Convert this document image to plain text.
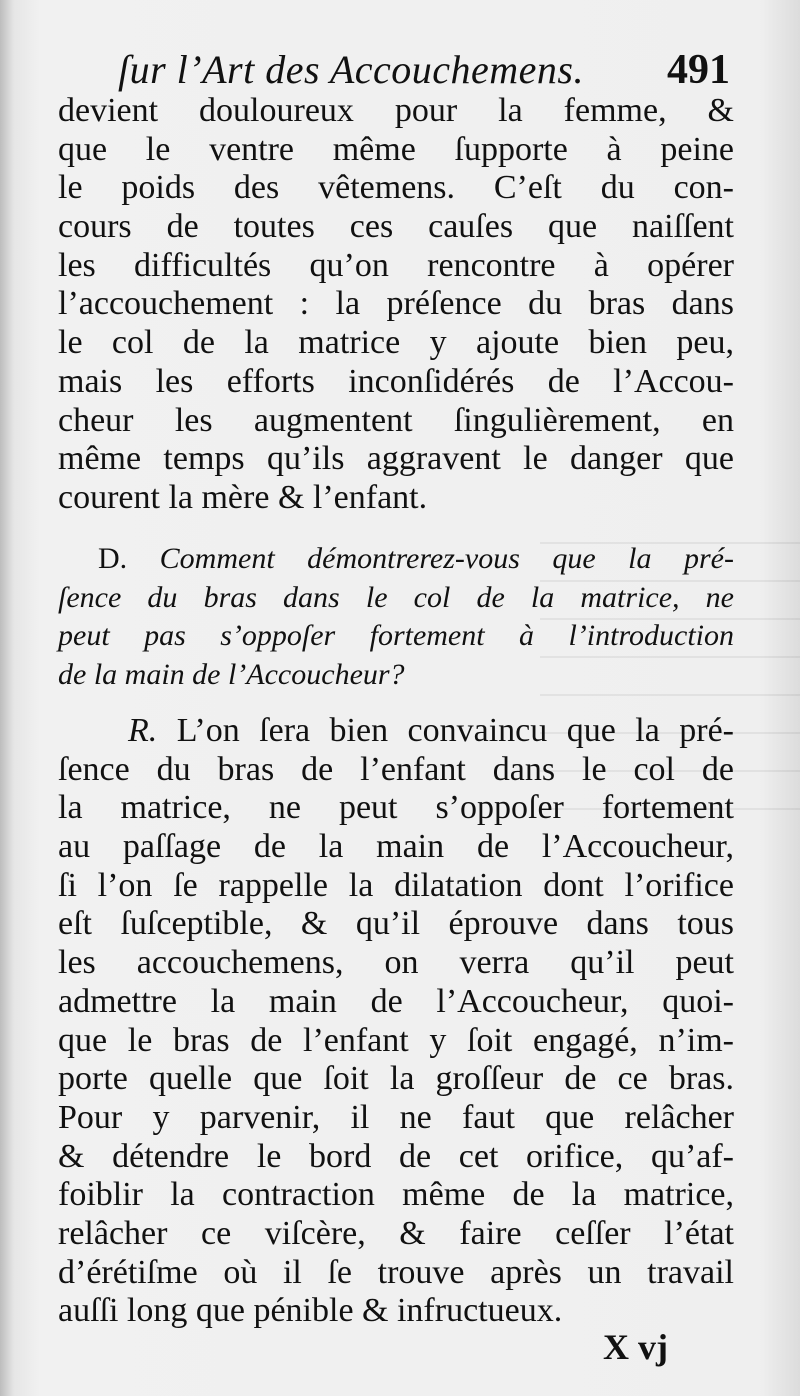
ſur l’Art des Accouchemens. 491
devient douloureux pour la femme, &
que le ventre même ſupporte à peine
le poids des vêtemens. C’eſt du con-
cours de toutes ces cauſes que naiſſent
les difficultés qu’on rencontre à opérer
l’accouchement : la préſence du bras dans
le col de la matrice y ajoute bien peu,
mais les efforts inconſidérés de l’Accou-
cheur les augmentent ſingulièrement, en
même temps qu’ils aggravent le danger que
courent la mère & l’enfant.
D. Comment démontrerez-vous que la pré-
ſence du bras dans le col de la matrice, ne
peut pas s’oppoſer fortement à l’introduction
de la main de l’Accoucheur?
R. L’on ſera bien convaincu que la pré-
ſence du bras de l’enfant dans le col de
la matrice, ne peut s’oppoſer fortement
au paſſage de la main de l’Accoucheur,
ſi l’on ſe rappelle la dilatation dont l’orifice
eſt ſuſceptible, & qu’il éprouve dans tous
les accouchemens, on verra qu’il peut
admettre la main de l’Accoucheur, quoi-
que le bras de l’enfant y ſoit engagé, n’im-
porte quelle que ſoit la groſſeur de ce bras.
Pour y parvenir, il ne faut que relâcher
& détendre le bord de cet orifice, qu’af-
foiblir la contraction même de la matrice,
relâcher ce viſcère, & faire ceſſer l’état
d’érétiſme où il ſe trouve après un travail
auſſi long que pénible & infructueux.
X vj
